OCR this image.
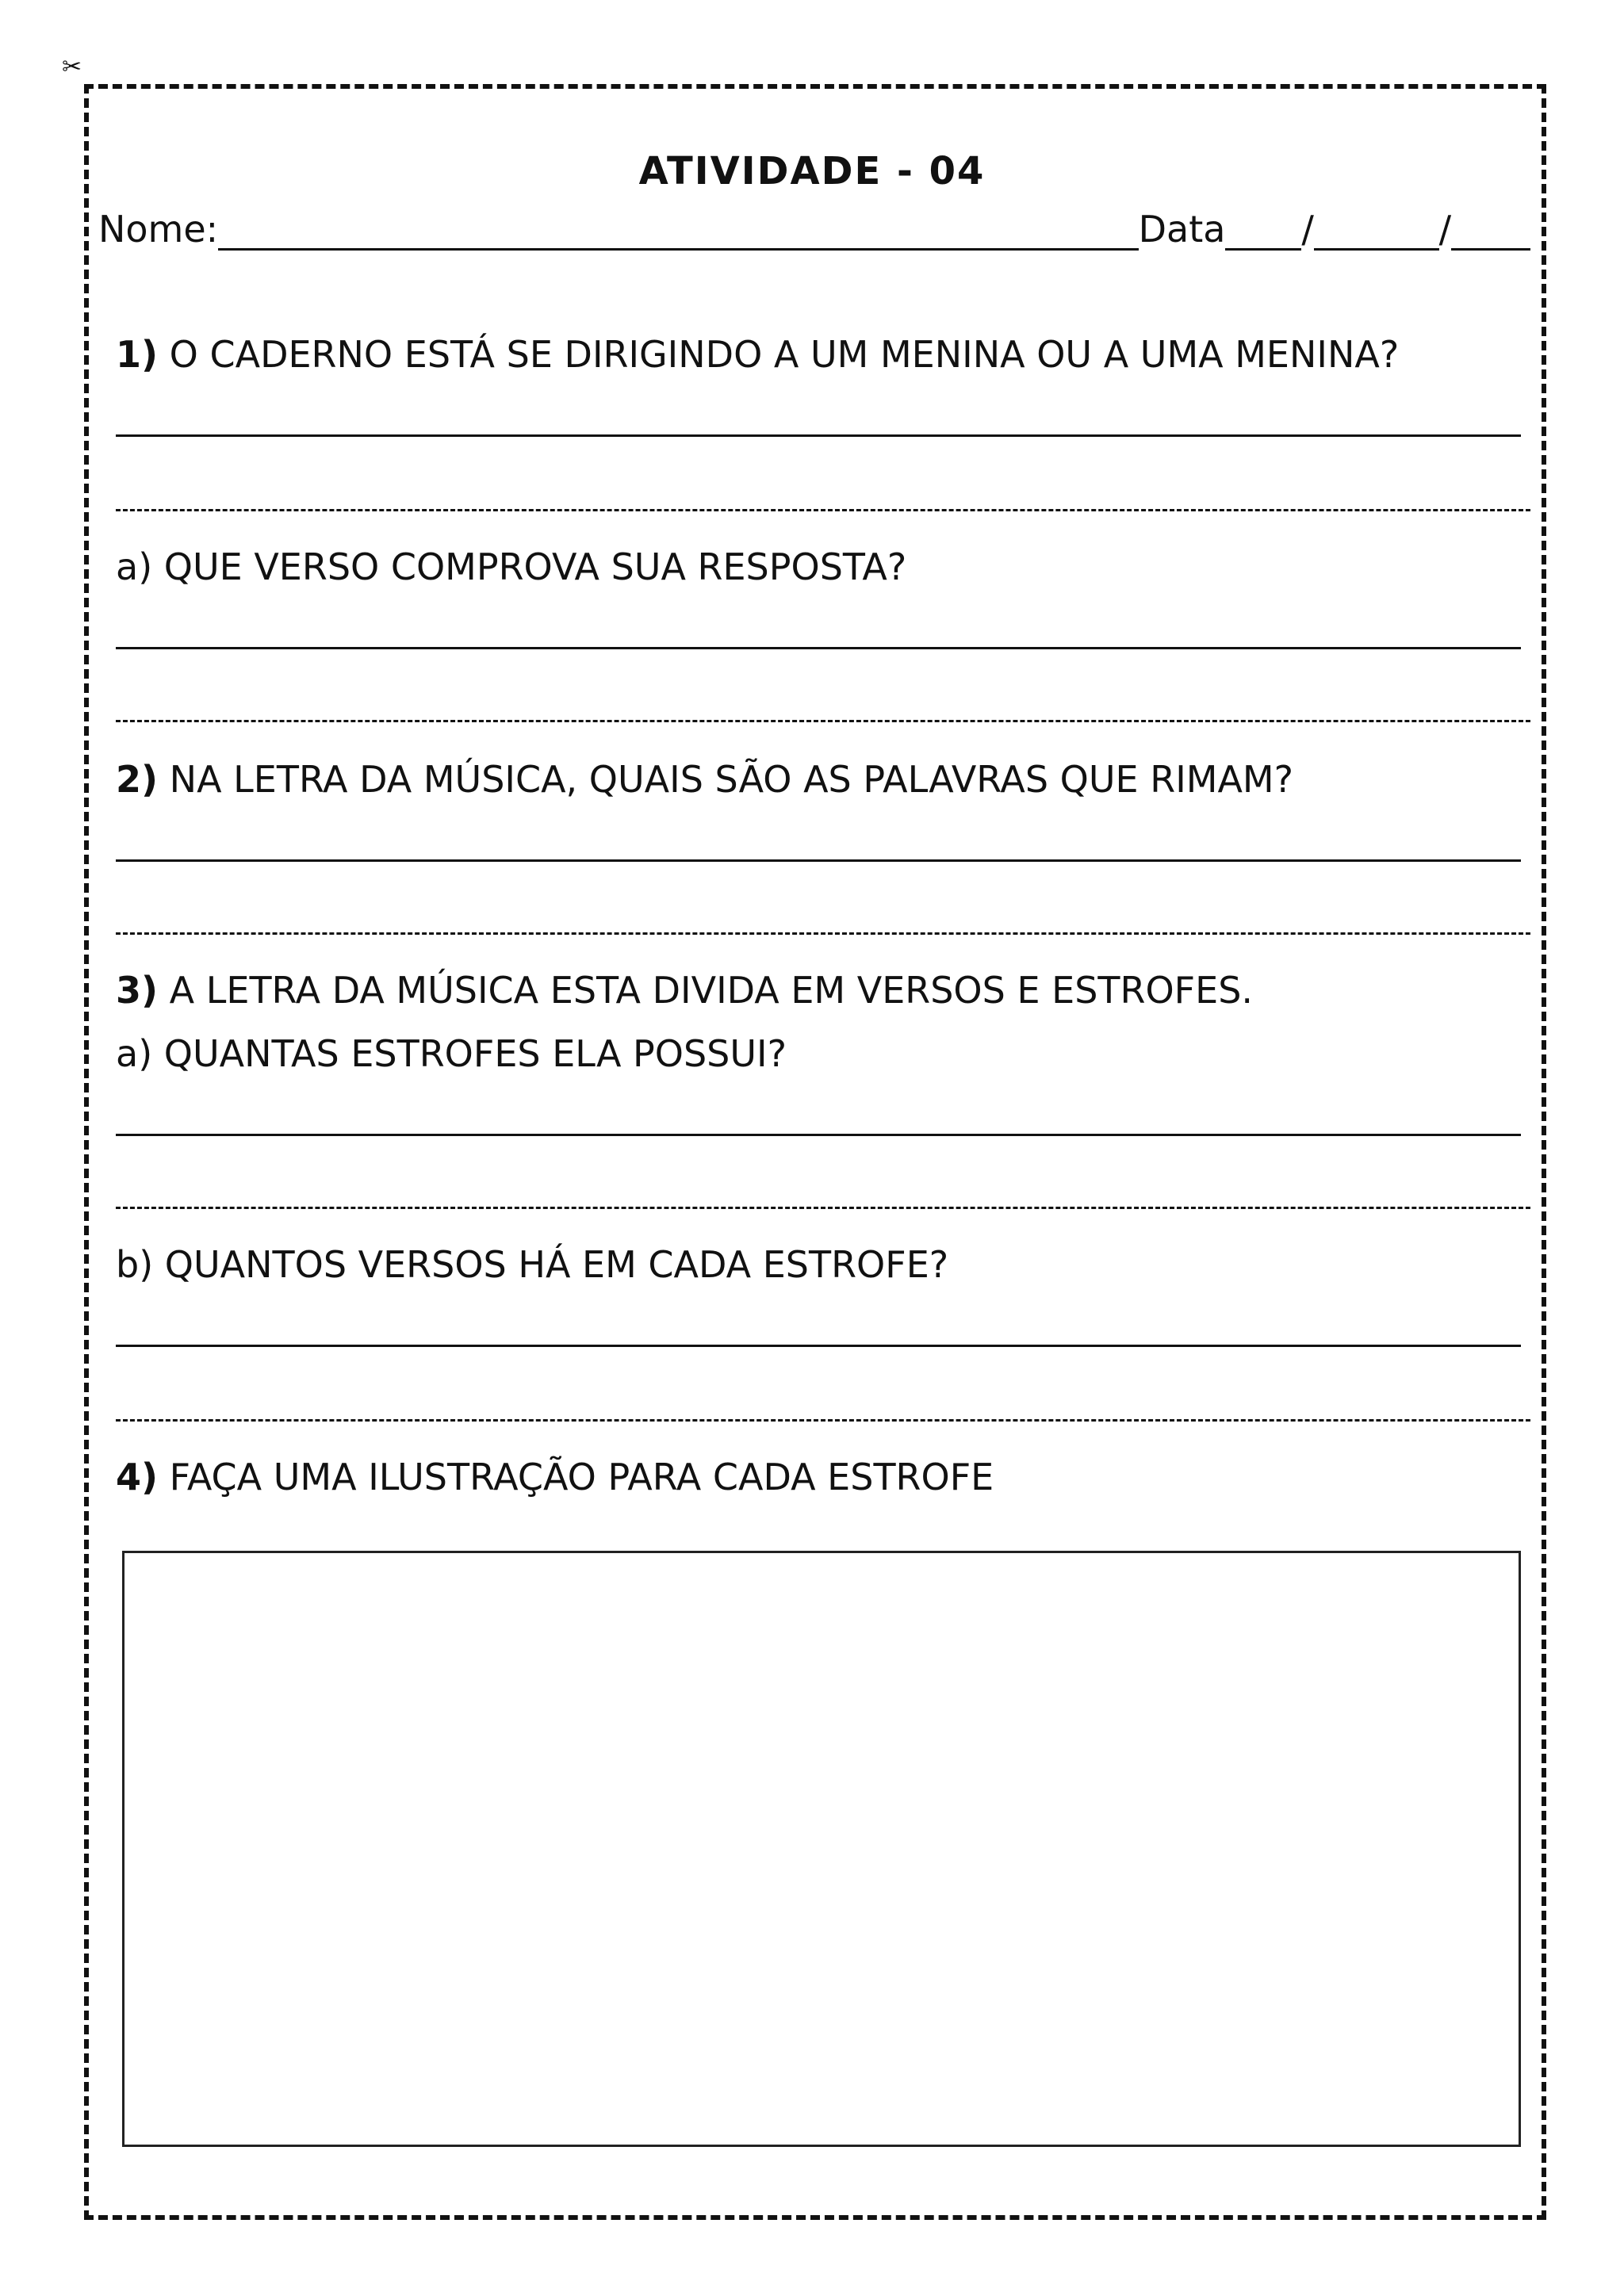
✂
ATIVIDADE - 04
Nome:	Data /	/
1) O CADERNO ESTÁ SE DIRIGINDO A UM MENINA OU A UMA MENINA?
a) QUE VERSO COMPROVA SUA RESPOSTA?
2) NA LETRA DA MÚSICA, QUAIS SÃO AS PALAVRAS QUE RIMAM?
3) A LETRA DA MÚSICA ESTA DIVIDA EM VERSOS E ESTROFES.
a) QUANTAS ESTROFES ELA POSSUI?
b) QUANTOS VERSOS HÁ EM CADA ESTROFE?
4) FAÇA UMA ILUSTRAÇÃO PARA CADA ESTROFE
